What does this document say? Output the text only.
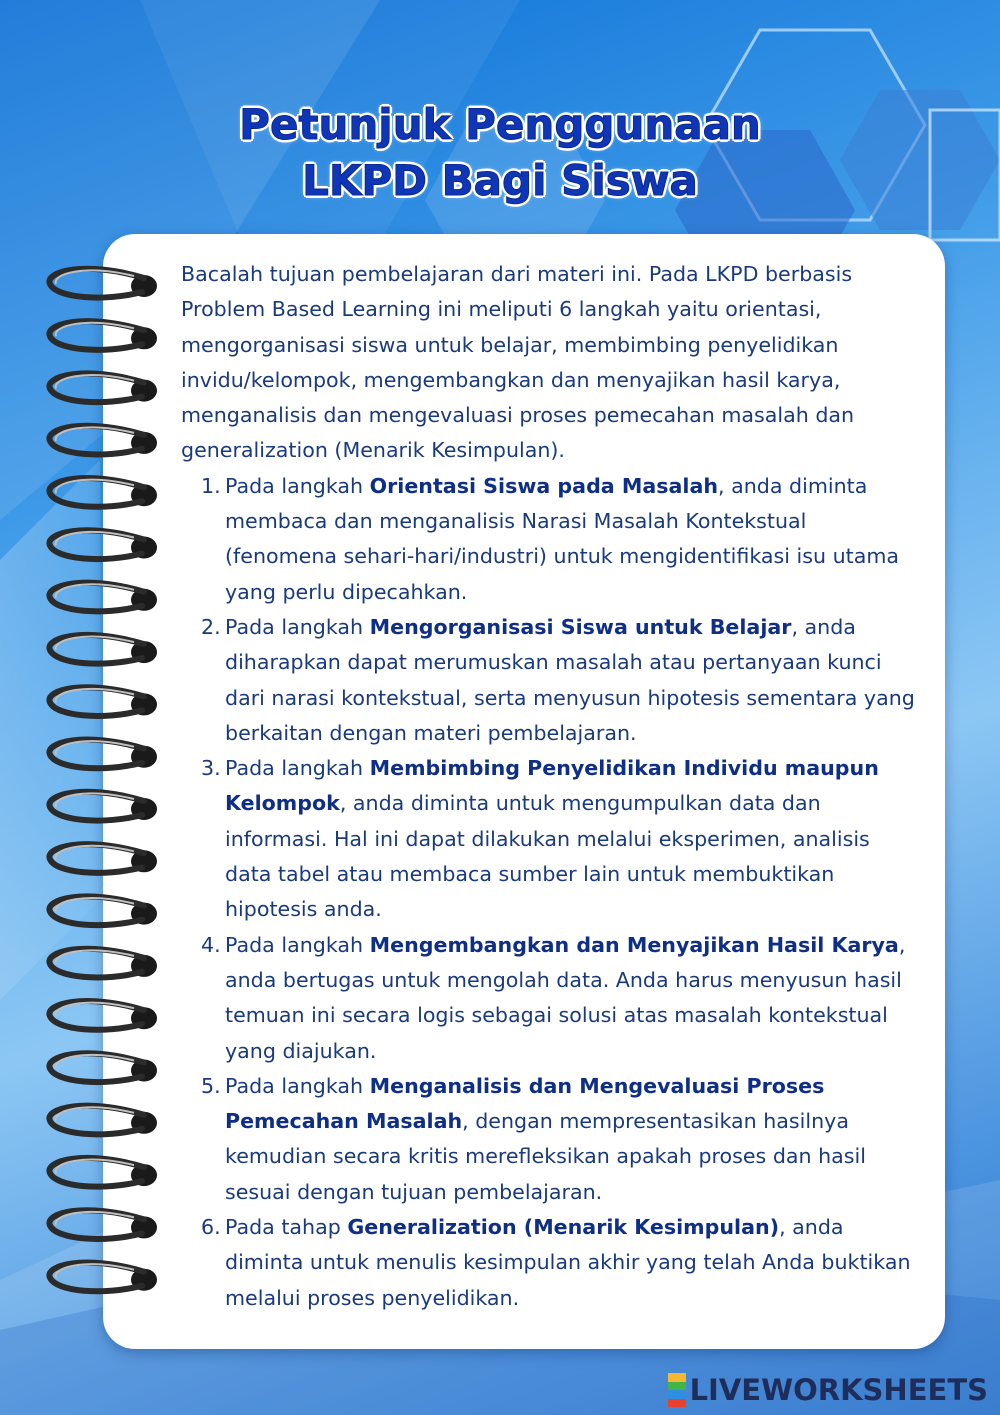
Petunjuk Penggunaan
LKPD Bagi Siswa

Bacalah tujuan pembelajaran dari materi ini. Pada LKPD berbasis Problem Based Learning ini meliputi 6 langkah yaitu orientasi, mengorganisasi siswa untuk belajar, membimbing penyelidikan invidu/kelompok, mengembangkan dan menyajikan hasil karya, menganalisis dan mengevaluasi proses pemecahan masalah dan generalization (Menarik Kesimpulan).

1. Pada langkah Orientasi Siswa pada Masalah, anda diminta membaca dan menganalisis Narasi Masalah Kontekstual (fenomena sehari-hari/industri) untuk mengidentifikasi isu utama yang perlu dipecahkan.
2. Pada langkah Mengorganisasi Siswa untuk Belajar, anda diharapkan dapat merumuskan masalah atau pertanyaan kunci dari narasi kontekstual, serta menyusun hipotesis sementara yang berkaitan dengan materi pembelajaran.
3. Pada langkah Membimbing Penyelidikan Individu maupun Kelompok, anda diminta untuk mengumpulkan data dan informasi. Hal ini dapat dilakukan melalui eksperimen, analisis data tabel atau membaca sumber lain untuk membuktikan hipotesis anda.
4. Pada langkah Mengembangkan dan Menyajikan Hasil Karya, anda bertugas untuk mengolah data. Anda harus menyusun hasil temuan ini secara logis sebagai solusi atas masalah kontekstual yang diajukan.
5. Pada langkah Menganalisis dan Mengevaluasi Proses Pemecahan Masalah, dengan mempresentasikan hasilnya kemudian secara kritis merefleksikan apakah proses dan hasil sesuai dengan tujuan pembelajaran.
6. Pada tahap Generalization (Menarik Kesimpulan), anda diminta untuk menulis kesimpulan akhir yang telah Anda buktikan melalui proses penyelidikan.
LIVEWORKSHEETS
